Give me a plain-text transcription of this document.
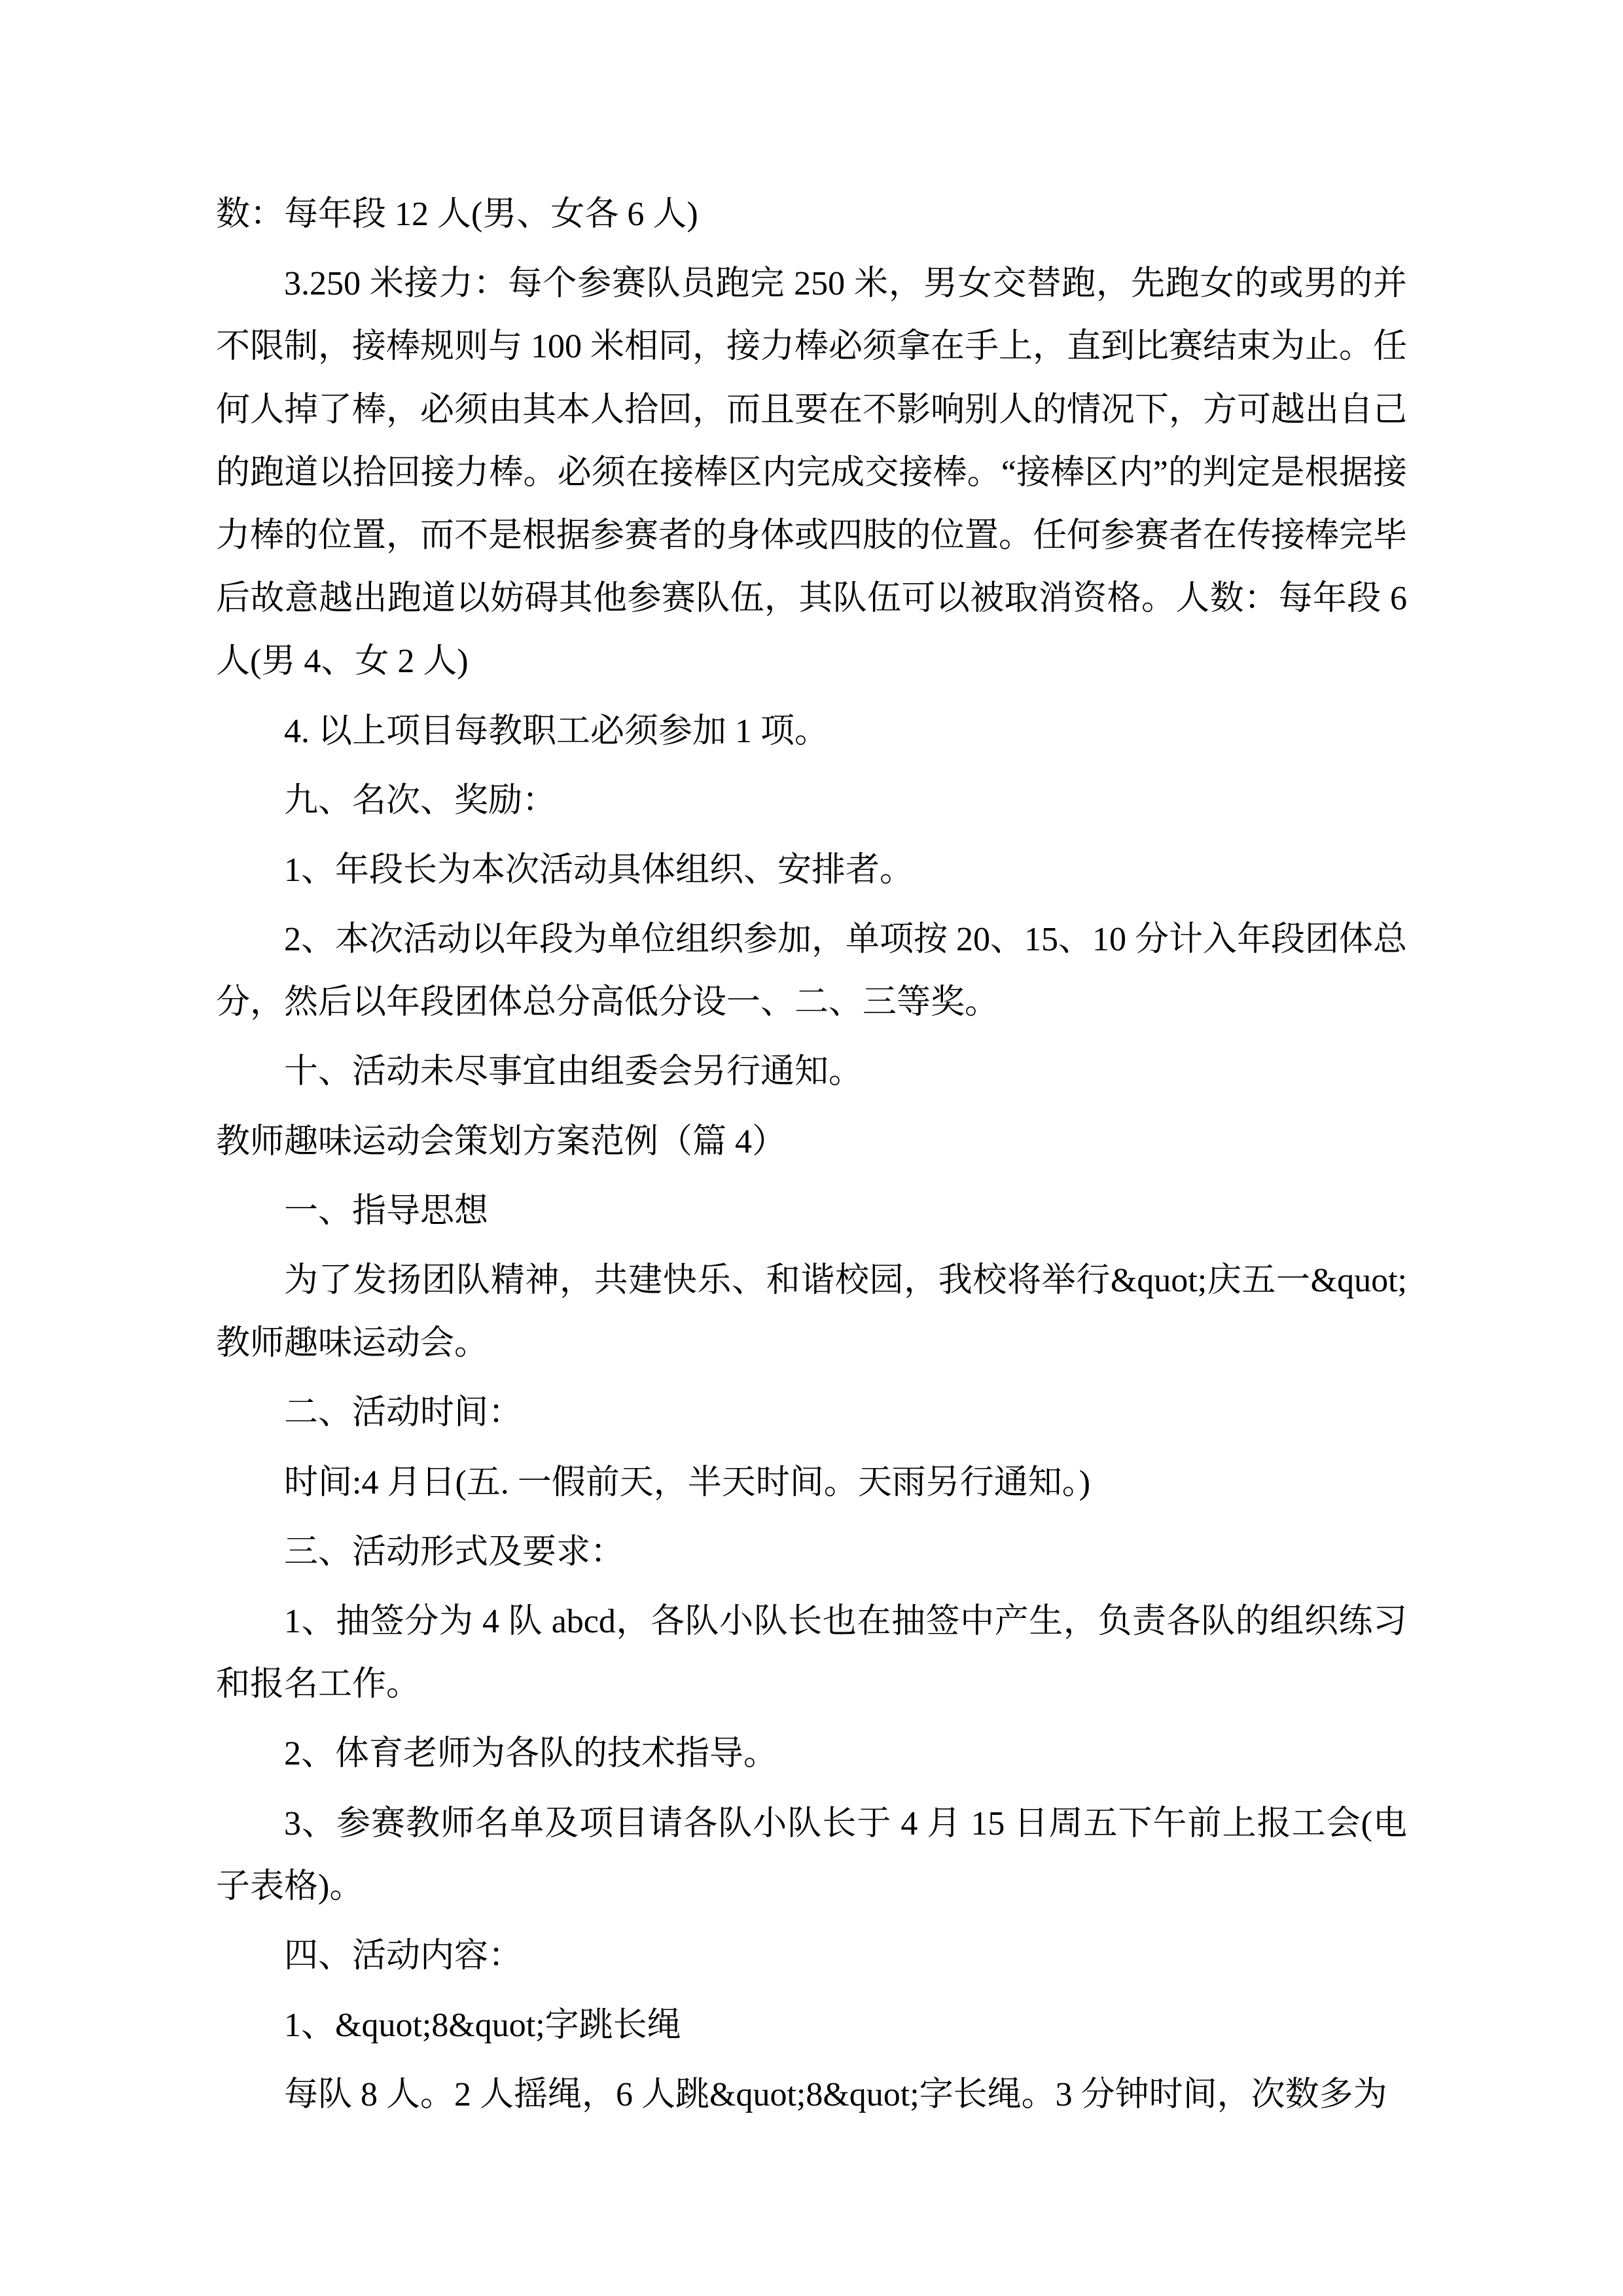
数：每年段 12 人(男、女各 6 人)

3.250 米接力：每个参赛队员跑完 250 米，男女交替跑，先跑女的或男的并不限制，接棒规则与 100 米相同，接力棒必须拿在手上，直到比赛结束为止。任何人掉了棒，必须由其本人拾回，而且要在不影响别人的情况下，方可越出自己的跑道以拾回接力棒。必须在接棒区内完成交接棒。“接棒区内”的判定是根据接力棒的位置，而不是根据参赛者的身体或四肢的位置。任何参赛者在传接棒完毕后故意越出跑道以妨碍其他参赛队伍，其队伍可以被取消资格。人数：每年段 6 人(男 4、女 2 人)

4. 以上项目每教职工必须参加 1 项。

九、名次、奖励：

1、年段长为本次活动具体组织、安排者。

2、本次活动以年段为单位组织参加，单项按 20、15、10 分计入年段团体总分，然后以年段团体总分高低分设一、二、三等奖。

十、活动未尽事宜由组委会另行通知。

教师趣味运动会策划方案范例（篇 4）

一、指导思想

为了发扬团队精神，共建快乐、和谐校园，我校将举行&quot;庆五一&quot;教师趣味运动会。

二、活动时间：

时间:4 月日(五. 一假前天，半天时间。天雨另行通知。)

三、活动形式及要求：

1、抽签分为 4 队 abcd，各队小队长也在抽签中产生，负责各队的组织练习和报名工作。

2、体育老师为各队的技术指导。

3、参赛教师名单及项目请各队小队长于 4 月 15 日周五下午前上报工会(电子表格)。

四、活动内容：

1、&quot;8&quot;字跳长绳

每队 8 人。2 人摇绳，6 人跳&quot;8&quot;字长绳。3 分钟时间，次数多为
